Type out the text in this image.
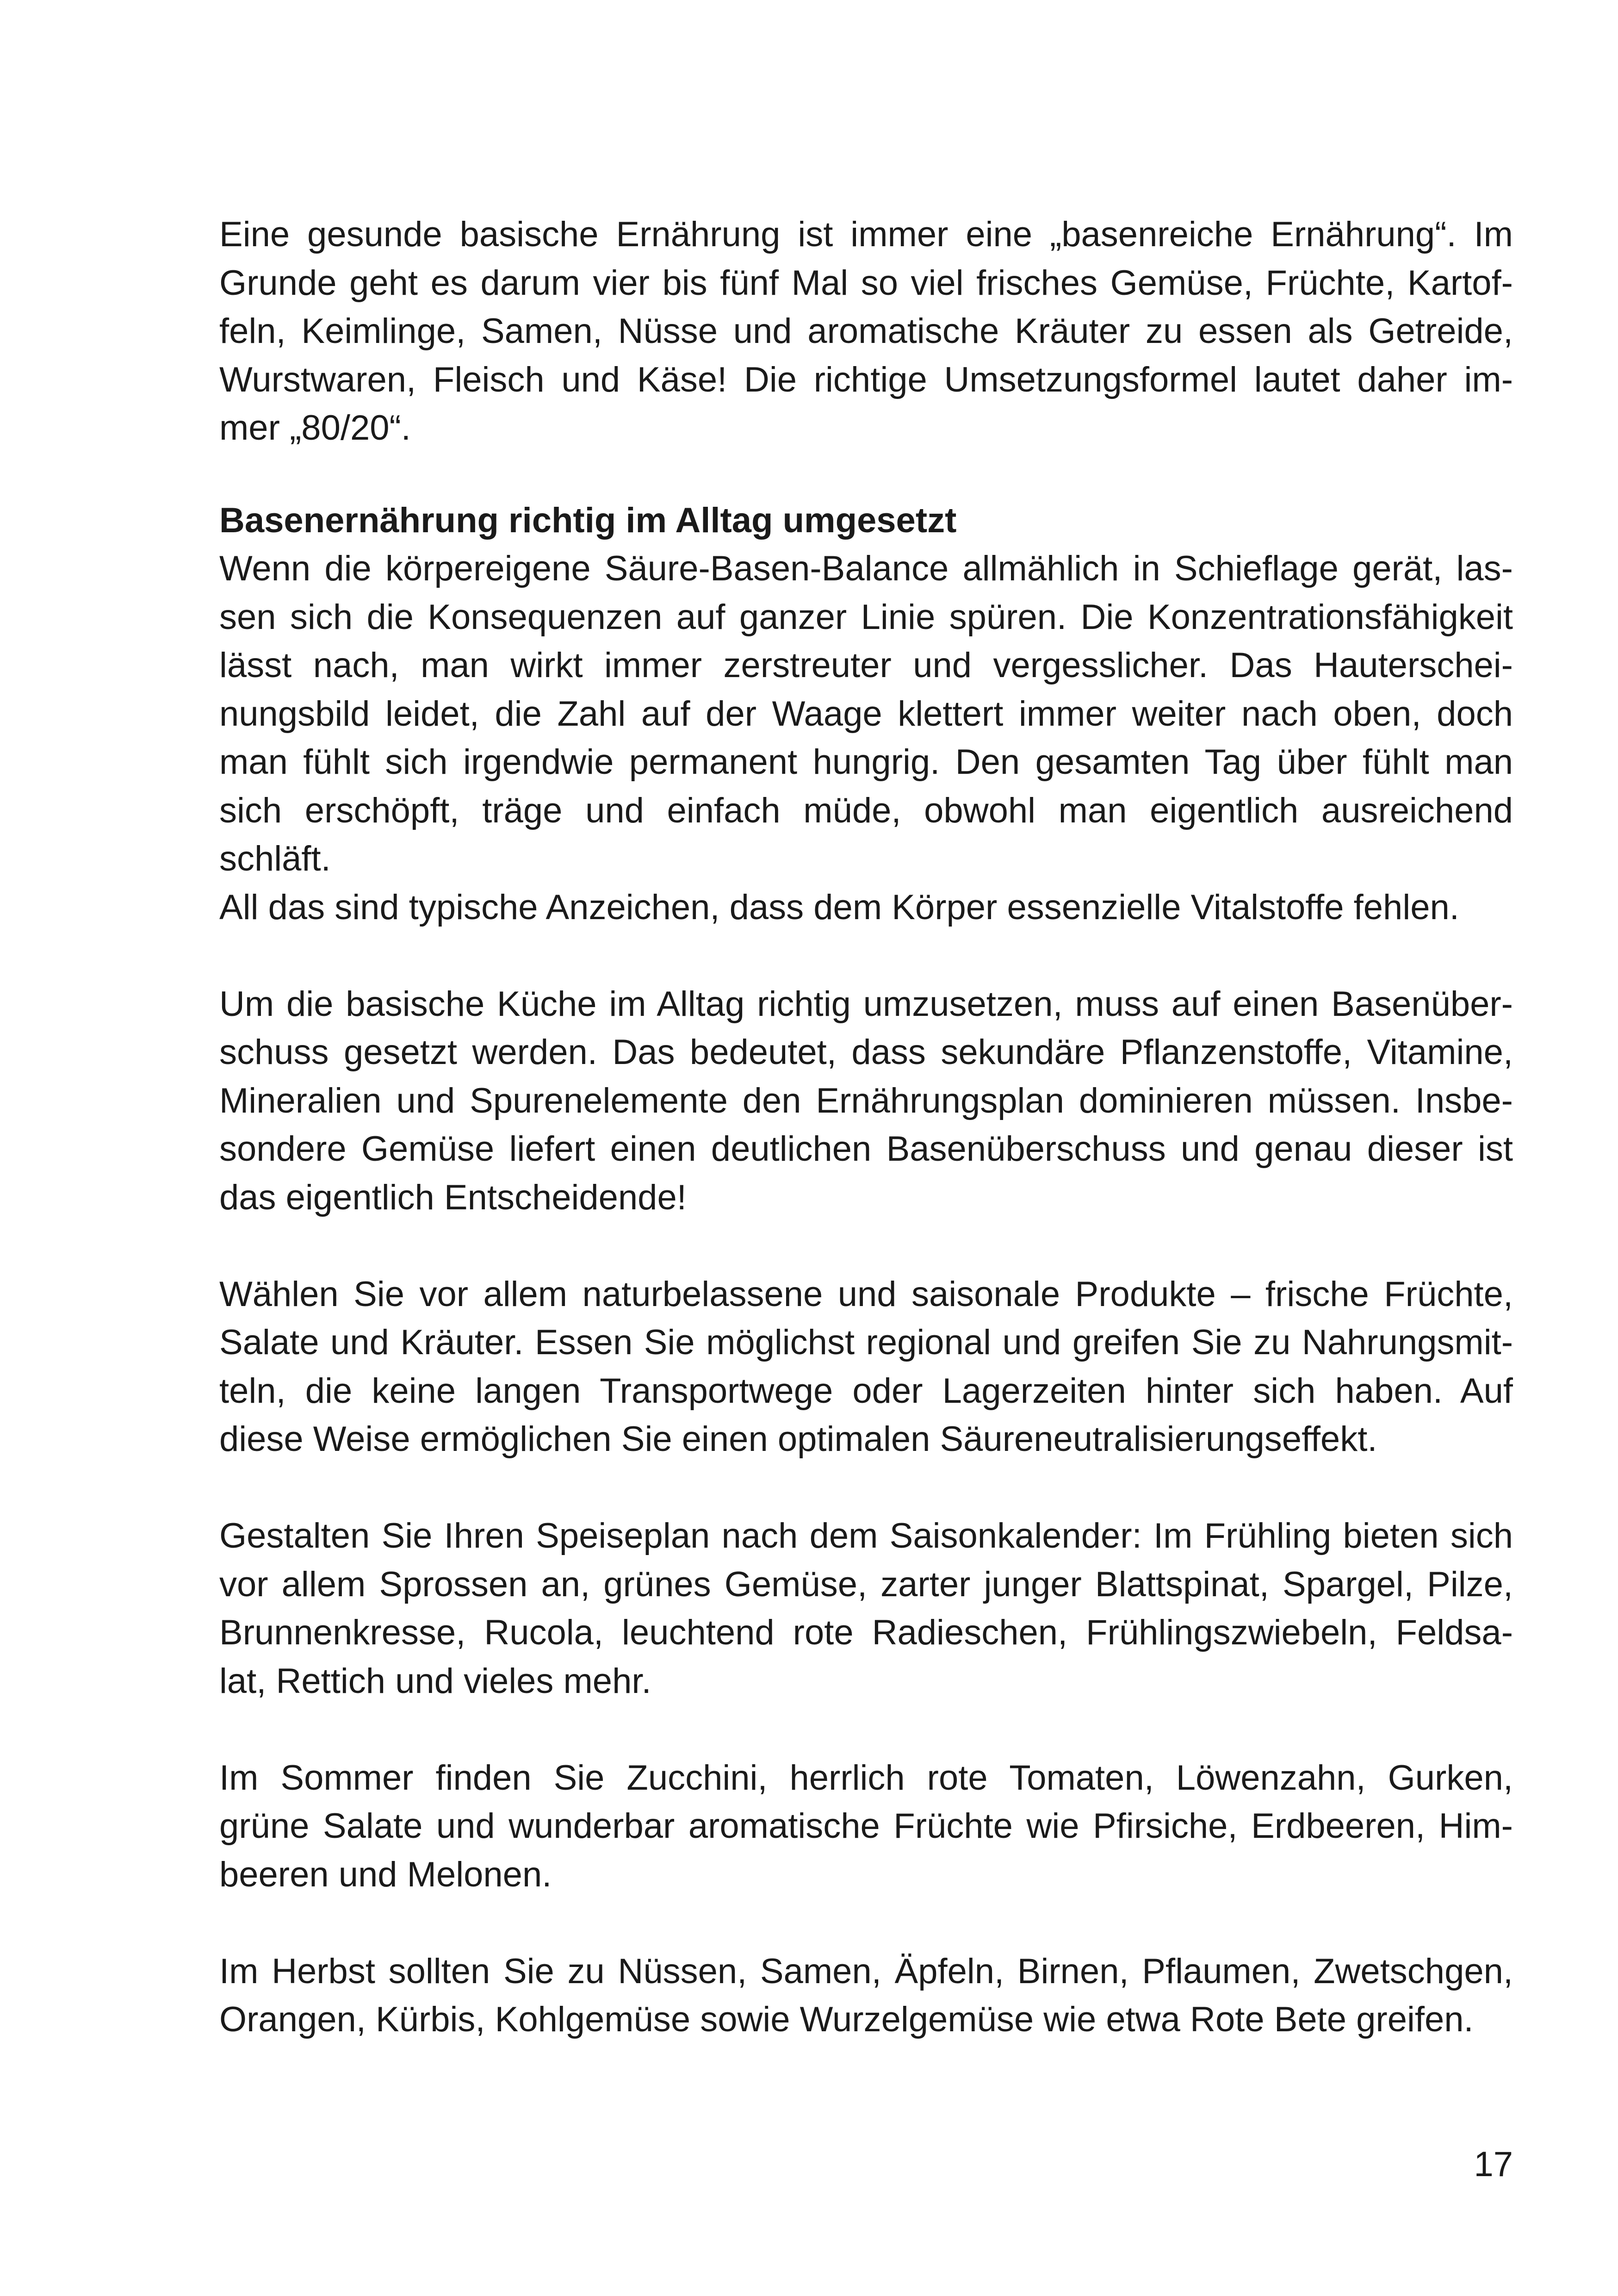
Eine gesunde basische Ernährung ist immer eine „basenreiche Ernährung“. Im
Grunde geht es darum vier bis fünf Mal so viel frisches Gemüse, Früchte, Kartof-
feln, Keimlinge, Samen, Nüsse und aromatische Kräuter zu essen als Getreide,
Wurstwaren, Fleisch und Käse! Die richtige Umsetzungsformel lautet daher im-
mer „80/20“.
Basenernährung richtig im Alltag umgesetzt
Wenn die körpereigene Säure-Basen-Balance allmählich in Schieflage gerät, las-
sen sich die Konsequenzen auf ganzer Linie spüren. Die Konzentrationsfähigkeit
lässt nach, man wirkt immer zerstreuter und vergesslicher. Das Hauterschei-
nungsbild leidet, die Zahl auf der Waage klettert immer weiter nach oben, doch
man fühlt sich irgendwie permanent hungrig. Den gesamten Tag über fühlt man
sich erschöpft, träge und einfach müde, obwohl man eigentlich ausreichend
schläft.
All das sind typische Anzeichen, dass dem Körper essenzielle Vitalstoffe fehlen.
Um die basische Küche im Alltag richtig umzusetzen, muss auf einen Basenüber-
schuss gesetzt werden. Das bedeutet, dass sekundäre Pflanzenstoffe, Vitamine,
Mineralien und Spurenelemente den Ernährungsplan dominieren müssen. Insbe-
sondere Gemüse liefert einen deutlichen Basenüberschuss und genau dieser ist
das eigentlich Entscheidende!
Wählen Sie vor allem naturbelassene und saisonale Produkte – frische Früchte,
Salate und Kräuter. Essen Sie möglichst regional und greifen Sie zu Nahrungsmit-
teln, die keine langen Transportwege oder Lagerzeiten hinter sich haben. Auf
diese Weise ermöglichen Sie einen optimalen Säureneutralisierungseffekt.
Gestalten Sie Ihren Speiseplan nach dem Saisonkalender: Im Frühling bieten sich
vor allem Sprossen an, grünes Gemüse, zarter junger Blattspinat, Spargel, Pilze,
Brunnenkresse, Rucola, leuchtend rote Radieschen, Frühlingszwiebeln, Feldsa-
lat, Rettich und vieles mehr.
Im Sommer finden Sie Zucchini, herrlich rote Tomaten, Löwenzahn, Gurken,
grüne Salate und wunderbar aromatische Früchte wie Pfirsiche, Erdbeeren, Him-
beeren und Melonen.
Im Herbst sollten Sie zu Nüssen, Samen, Äpfeln, Birnen, Pflaumen, Zwetschgen,
Orangen, Kürbis, Kohlgemüse sowie Wurzelgemüse wie etwa Rote Bete greifen.
17
